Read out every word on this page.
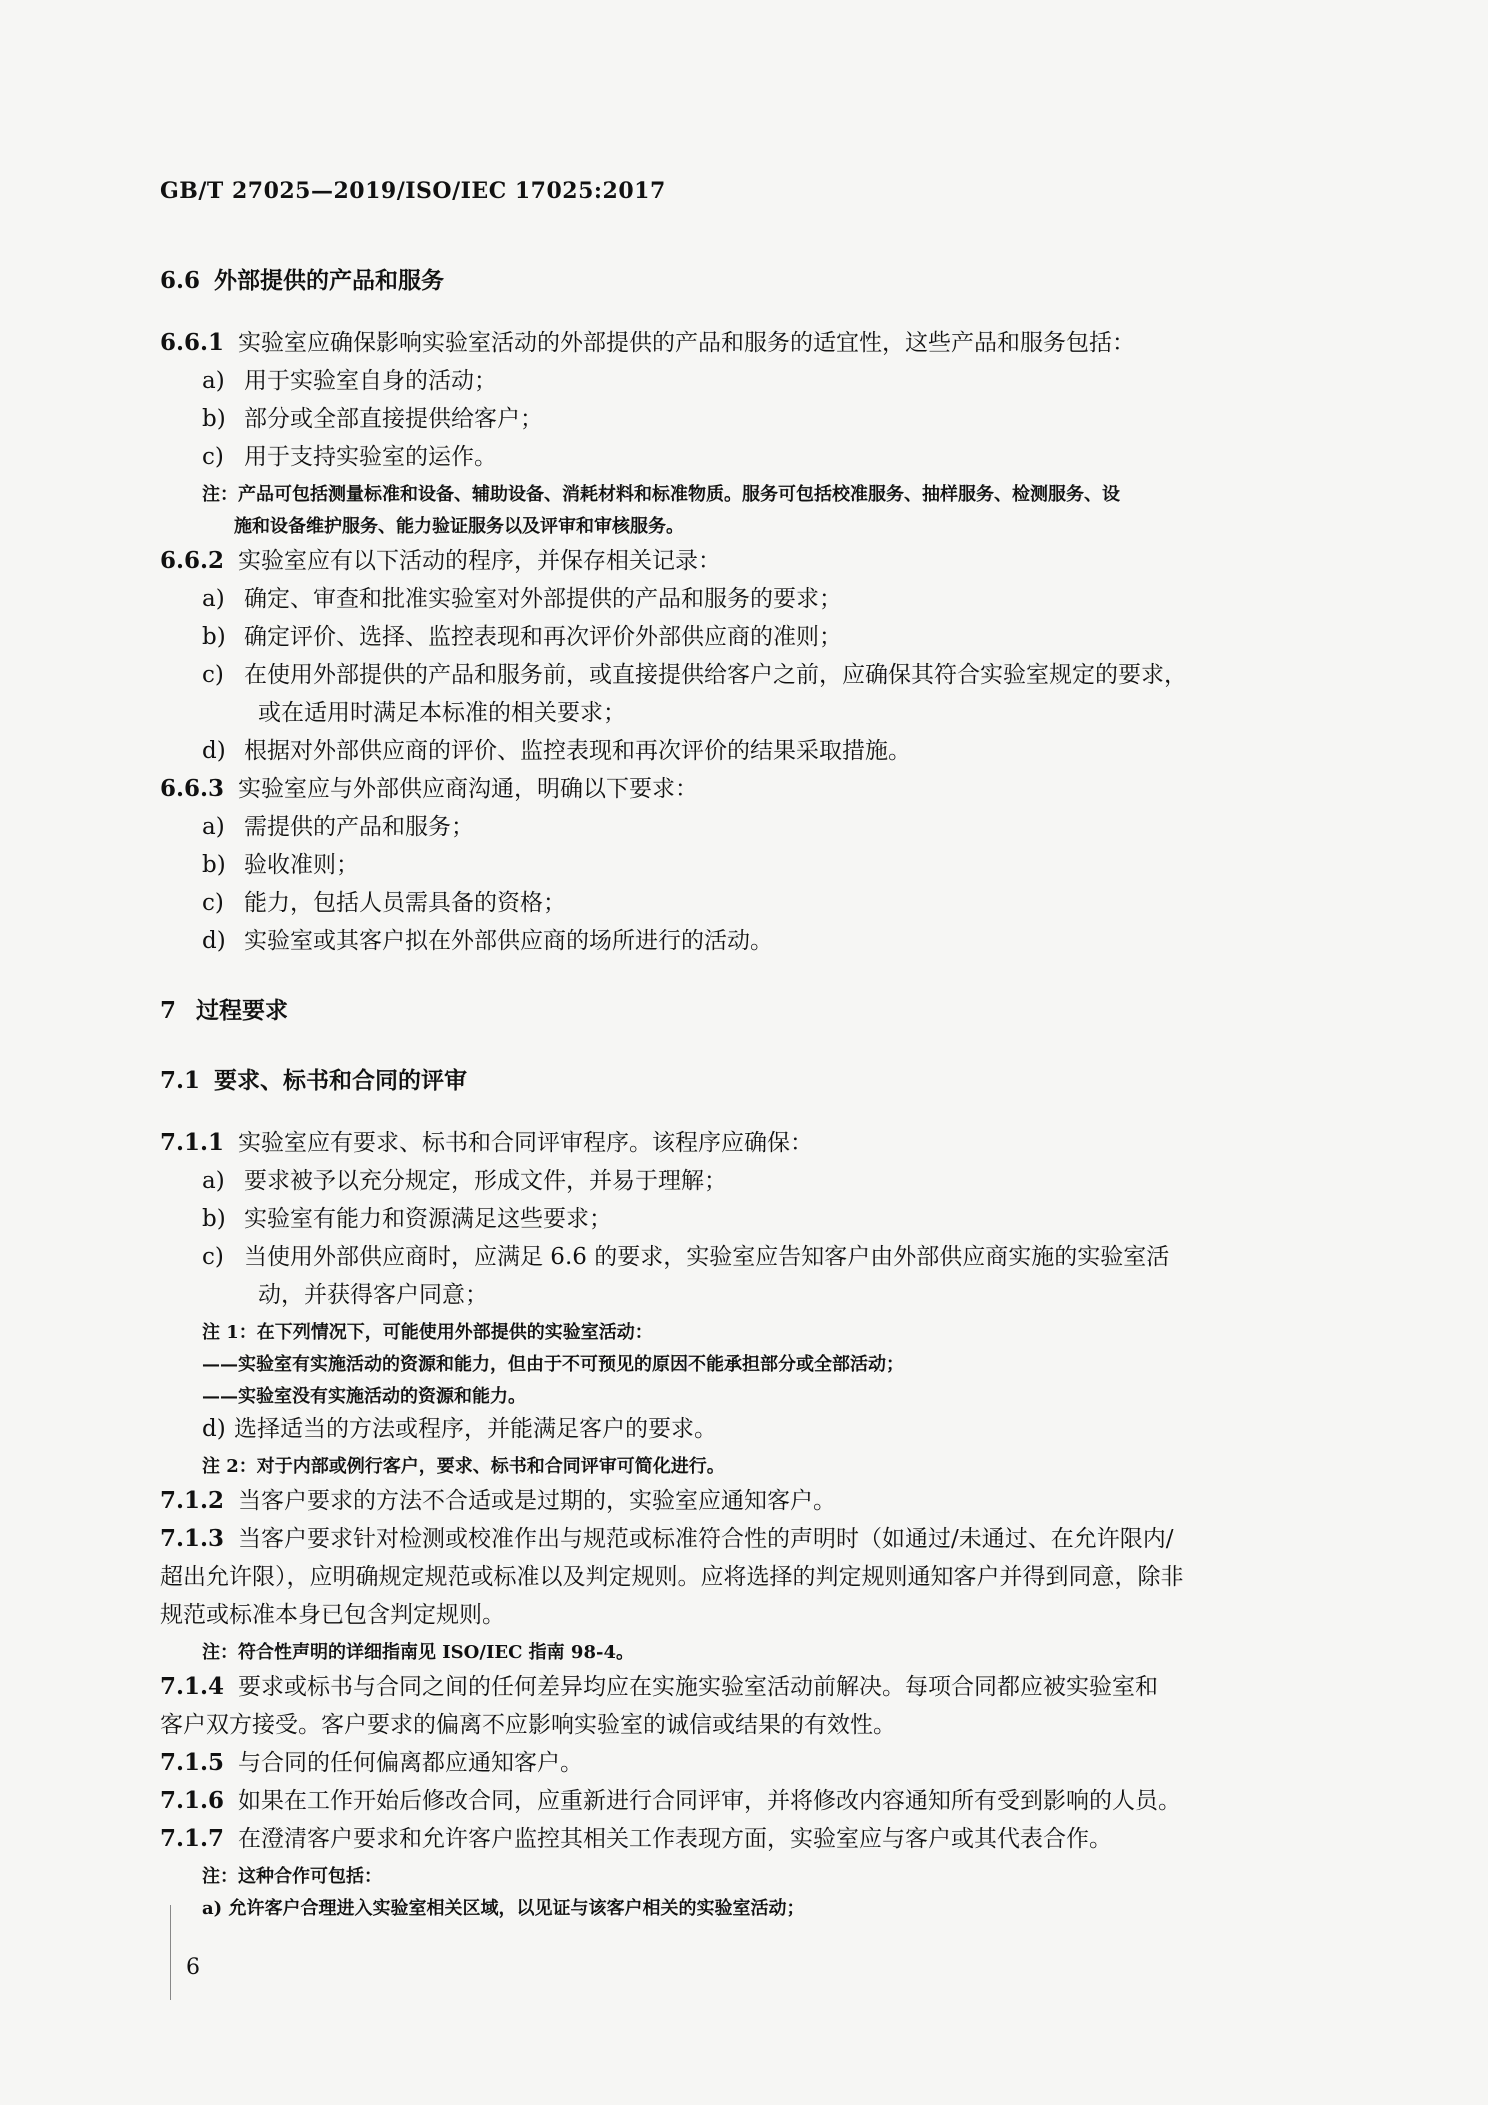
GB/T 27025—2019/ISO/IEC 17025:2017
6.6 外部提供的产品和服务
6.6.1 实验室应确保影响实验室活动的外部提供的产品和服务的适宜性，这些产品和服务包括：
a) 用于实验室自身的活动；
b) 部分或全部直接提供给客户；
c) 用于支持实验室的运作。
注：产品可包括测量标准和设备、辅助设备、消耗材料和标准物质。服务可包括校准服务、抽样服务、检测服务、设
施和设备维护服务、能力验证服务以及评审和审核服务。
6.6.2 实验室应有以下活动的程序，并保存相关记录：
a) 确定、审查和批准实验室对外部提供的产品和服务的要求；
b) 确定评价、选择、监控表现和再次评价外部供应商的准则；
c) 在使用外部提供的产品和服务前，或直接提供给客户之前，应确保其符合实验室规定的要求，
或在适用时满足本标准的相关要求；
d) 根据对外部供应商的评价、监控表现和再次评价的结果采取措施。
6.6.3 实验室应与外部供应商沟通，明确以下要求：
a) 需提供的产品和服务；
b) 验收准则；
c) 能力，包括人员需具备的资格；
d) 实验室或其客户拟在外部供应商的场所进行的活动。
7 过程要求
7.1 要求、标书和合同的评审
7.1.1 实验室应有要求、标书和合同评审程序。该程序应确保：
a) 要求被予以充分规定，形成文件，并易于理解；
b) 实验室有能力和资源满足这些要求；
c) 当使用外部供应商时，应满足 6.6 的要求，实验室应告知客户由外部供应商实施的实验室活
动，并获得客户同意；
注 1：在下列情况下，可能使用外部提供的实验室活动：
——实验室有实施活动的资源和能力，但由于不可预见的原因不能承担部分或全部活动；
——实验室没有实施活动的资源和能力。
d) 选择适当的方法或程序，并能满足客户的要求。
注 2：对于内部或例行客户，要求、标书和合同评审可简化进行。
7.1.2 当客户要求的方法不合适或是过期的，实验室应通知客户。
7.1.3 当客户要求针对检测或校准作出与规范或标准符合性的声明时（如通过/未通过、在允许限内/
超出允许限），应明确规定规范或标准以及判定规则。应将选择的判定规则通知客户并得到同意，除非
规范或标准本身已包含判定规则。
注：符合性声明的详细指南见 ISO/IEC 指南 98-4。
7.1.4 要求或标书与合同之间的任何差异均应在实施实验室活动前解决。每项合同都应被实验室和
客户双方接受。客户要求的偏离不应影响实验室的诚信或结果的有效性。
7.1.5 与合同的任何偏离都应通知客户。
7.1.6 如果在工作开始后修改合同，应重新进行合同评审，并将修改内容通知所有受到影响的人员。
7.1.7 在澄清客户要求和允许客户监控其相关工作表现方面，实验室应与客户或其代表合作。
注：这种合作可包括：
a) 允许客户合理进入实验室相关区域，以见证与该客户相关的实验室活动；
6
